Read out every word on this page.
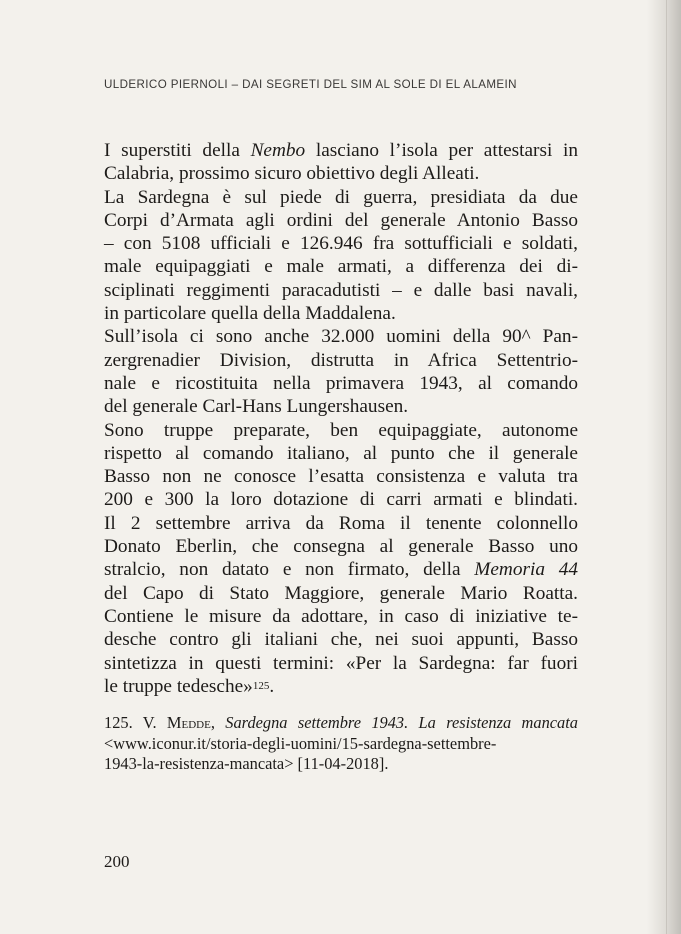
ULDERICO PIERNOLI – DAI SEGRETI DEL SIM AL SOLE DI EL ALAMEIN
I superstiti della Nembo lasciano l’isola per attestarsi in
Calabria, prossimo sicuro obiettivo degli Alleati.
La Sardegna è sul piede di guerra, presidiata da due
Corpi d’Armata agli ordini del generale Antonio Basso
– con 5108 ufficiali e 126.946 fra sottufficiali e soldati,
male equipaggiati e male armati, a differenza dei di-
sciplinati reggimenti paracadutisti – e dalle basi navali,
in particolare quella della Maddalena.
Sull’isola ci sono anche 32.000 uomini della 90^ Pan-
zergrenadier Division, distrutta in Africa Settentrio-
nale e ricostituita nella primavera 1943, al comando
del generale Carl-Hans Lungershausen.
Sono truppe preparate, ben equipaggiate, autonome
rispetto al comando italiano, al punto che il generale
Basso non ne conosce l’esatta consistenza e valuta tra
200 e 300 la loro dotazione di carri armati e blindati.
Il 2 settembre arriva da Roma il tenente colonnello
Donato Eberlin, che consegna al generale Basso uno
stralcio, non datato e non firmato, della Memoria 44
del Capo di Stato Maggiore, generale Mario Roatta.
Contiene le misure da adottare, in caso di iniziative te-
desche contro gli italiani che, nei suoi appunti, Basso
sintetizza in questi termini: «Per la Sardegna: far fuori
le truppe tedesche»$^{125}$.
125. V. Medde, Sardegna settembre 1943. La resistenza mancata
<www.iconur.it/storia-degli-uomini/15-sardegna-settembre-
1943-la-resistenza-mancata> [11-04-2018].
200
